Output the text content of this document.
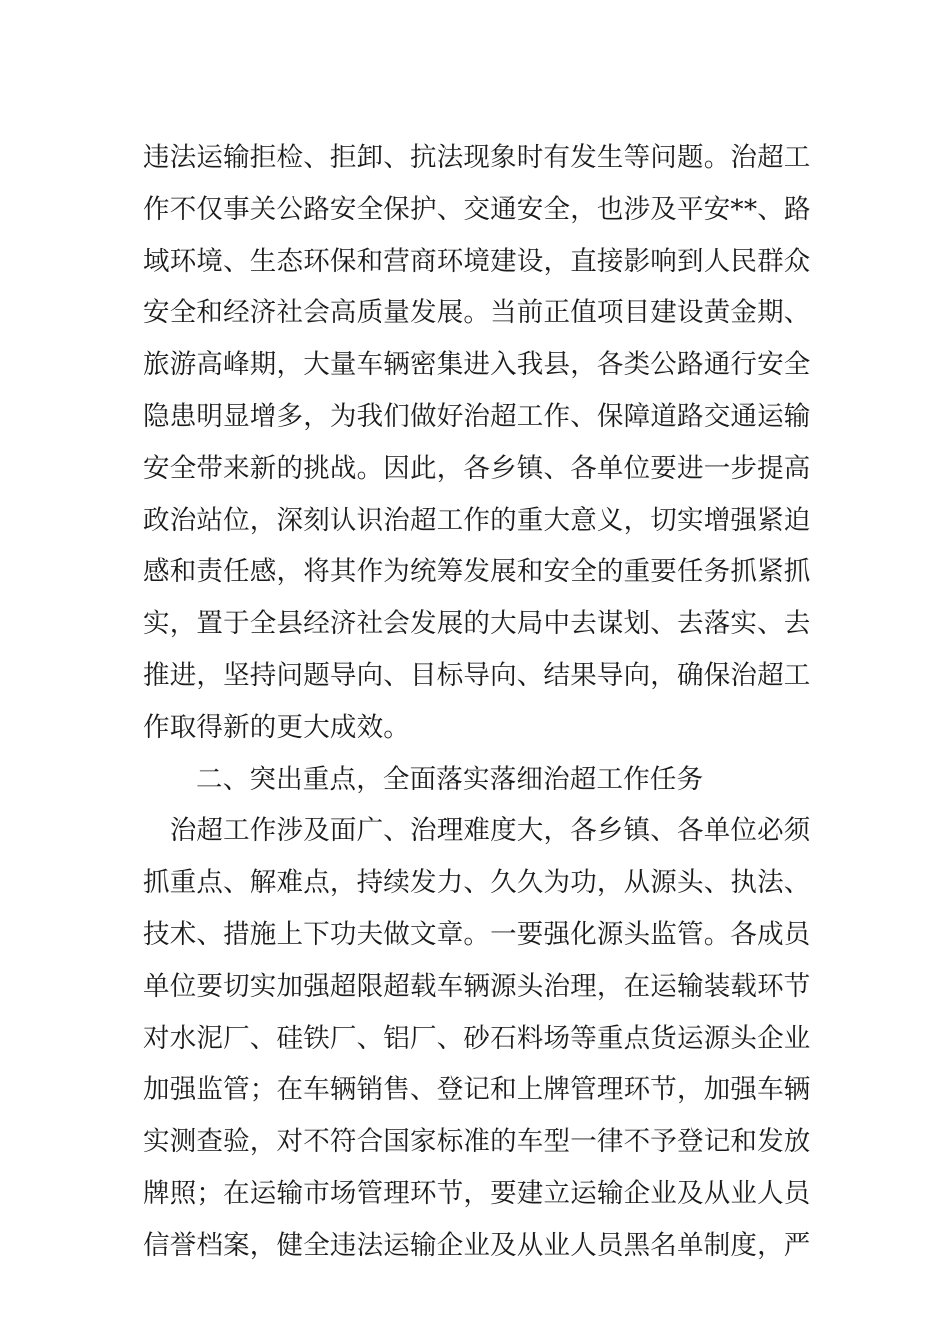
违法运输拒检、拒卸、抗法现象时有发生等问题。治超工
作不仅事关公路安全保护、交通安全，也涉及平安**、路
域环境、生态环保和营商环境建设，直接影响到人民群众
安全和经济社会高质量发展。当前正值项目建设黄金期、
旅游高峰期，大量车辆密集进入我县，各类公路通行安全
隐患明显增多，为我们做好治超工作、保障道路交通运输
安全带来新的挑战。因此，各乡镇、各单位要进一步提高
政治站位，深刻认识治超工作的重大意义，切实增强紧迫
感和责任感，将其作为统筹发展和安全的重要任务抓紧抓
实，置于全县经济社会发展的大局中去谋划、去落实、去
推进，坚持问题导向、目标导向、结果导向，确保治超工
作取得新的更大成效。
二、突出重点，全面落实落细治超工作任务
　治超工作涉及面广、治理难度大，各乡镇、各单位必须
抓重点、解难点，持续发力、久久为功，从源头、执法、
技术、措施上下功夫做文章。一要强化源头监管。各成员
单位要切实加强超限超载车辆源头治理，在运输装载环节
对水泥厂、硅铁厂、铝厂、砂石料场等重点货运源头企业
加强监管；在车辆销售、登记和上牌管理环节，加强车辆
实测查验，对不符合国家标准的车型一律不予登记和发放
牌照；在运输市场管理环节，要建立运输企业及从业人员
信誉档案，健全违法运输企业及从业人员黑名单制度，严
